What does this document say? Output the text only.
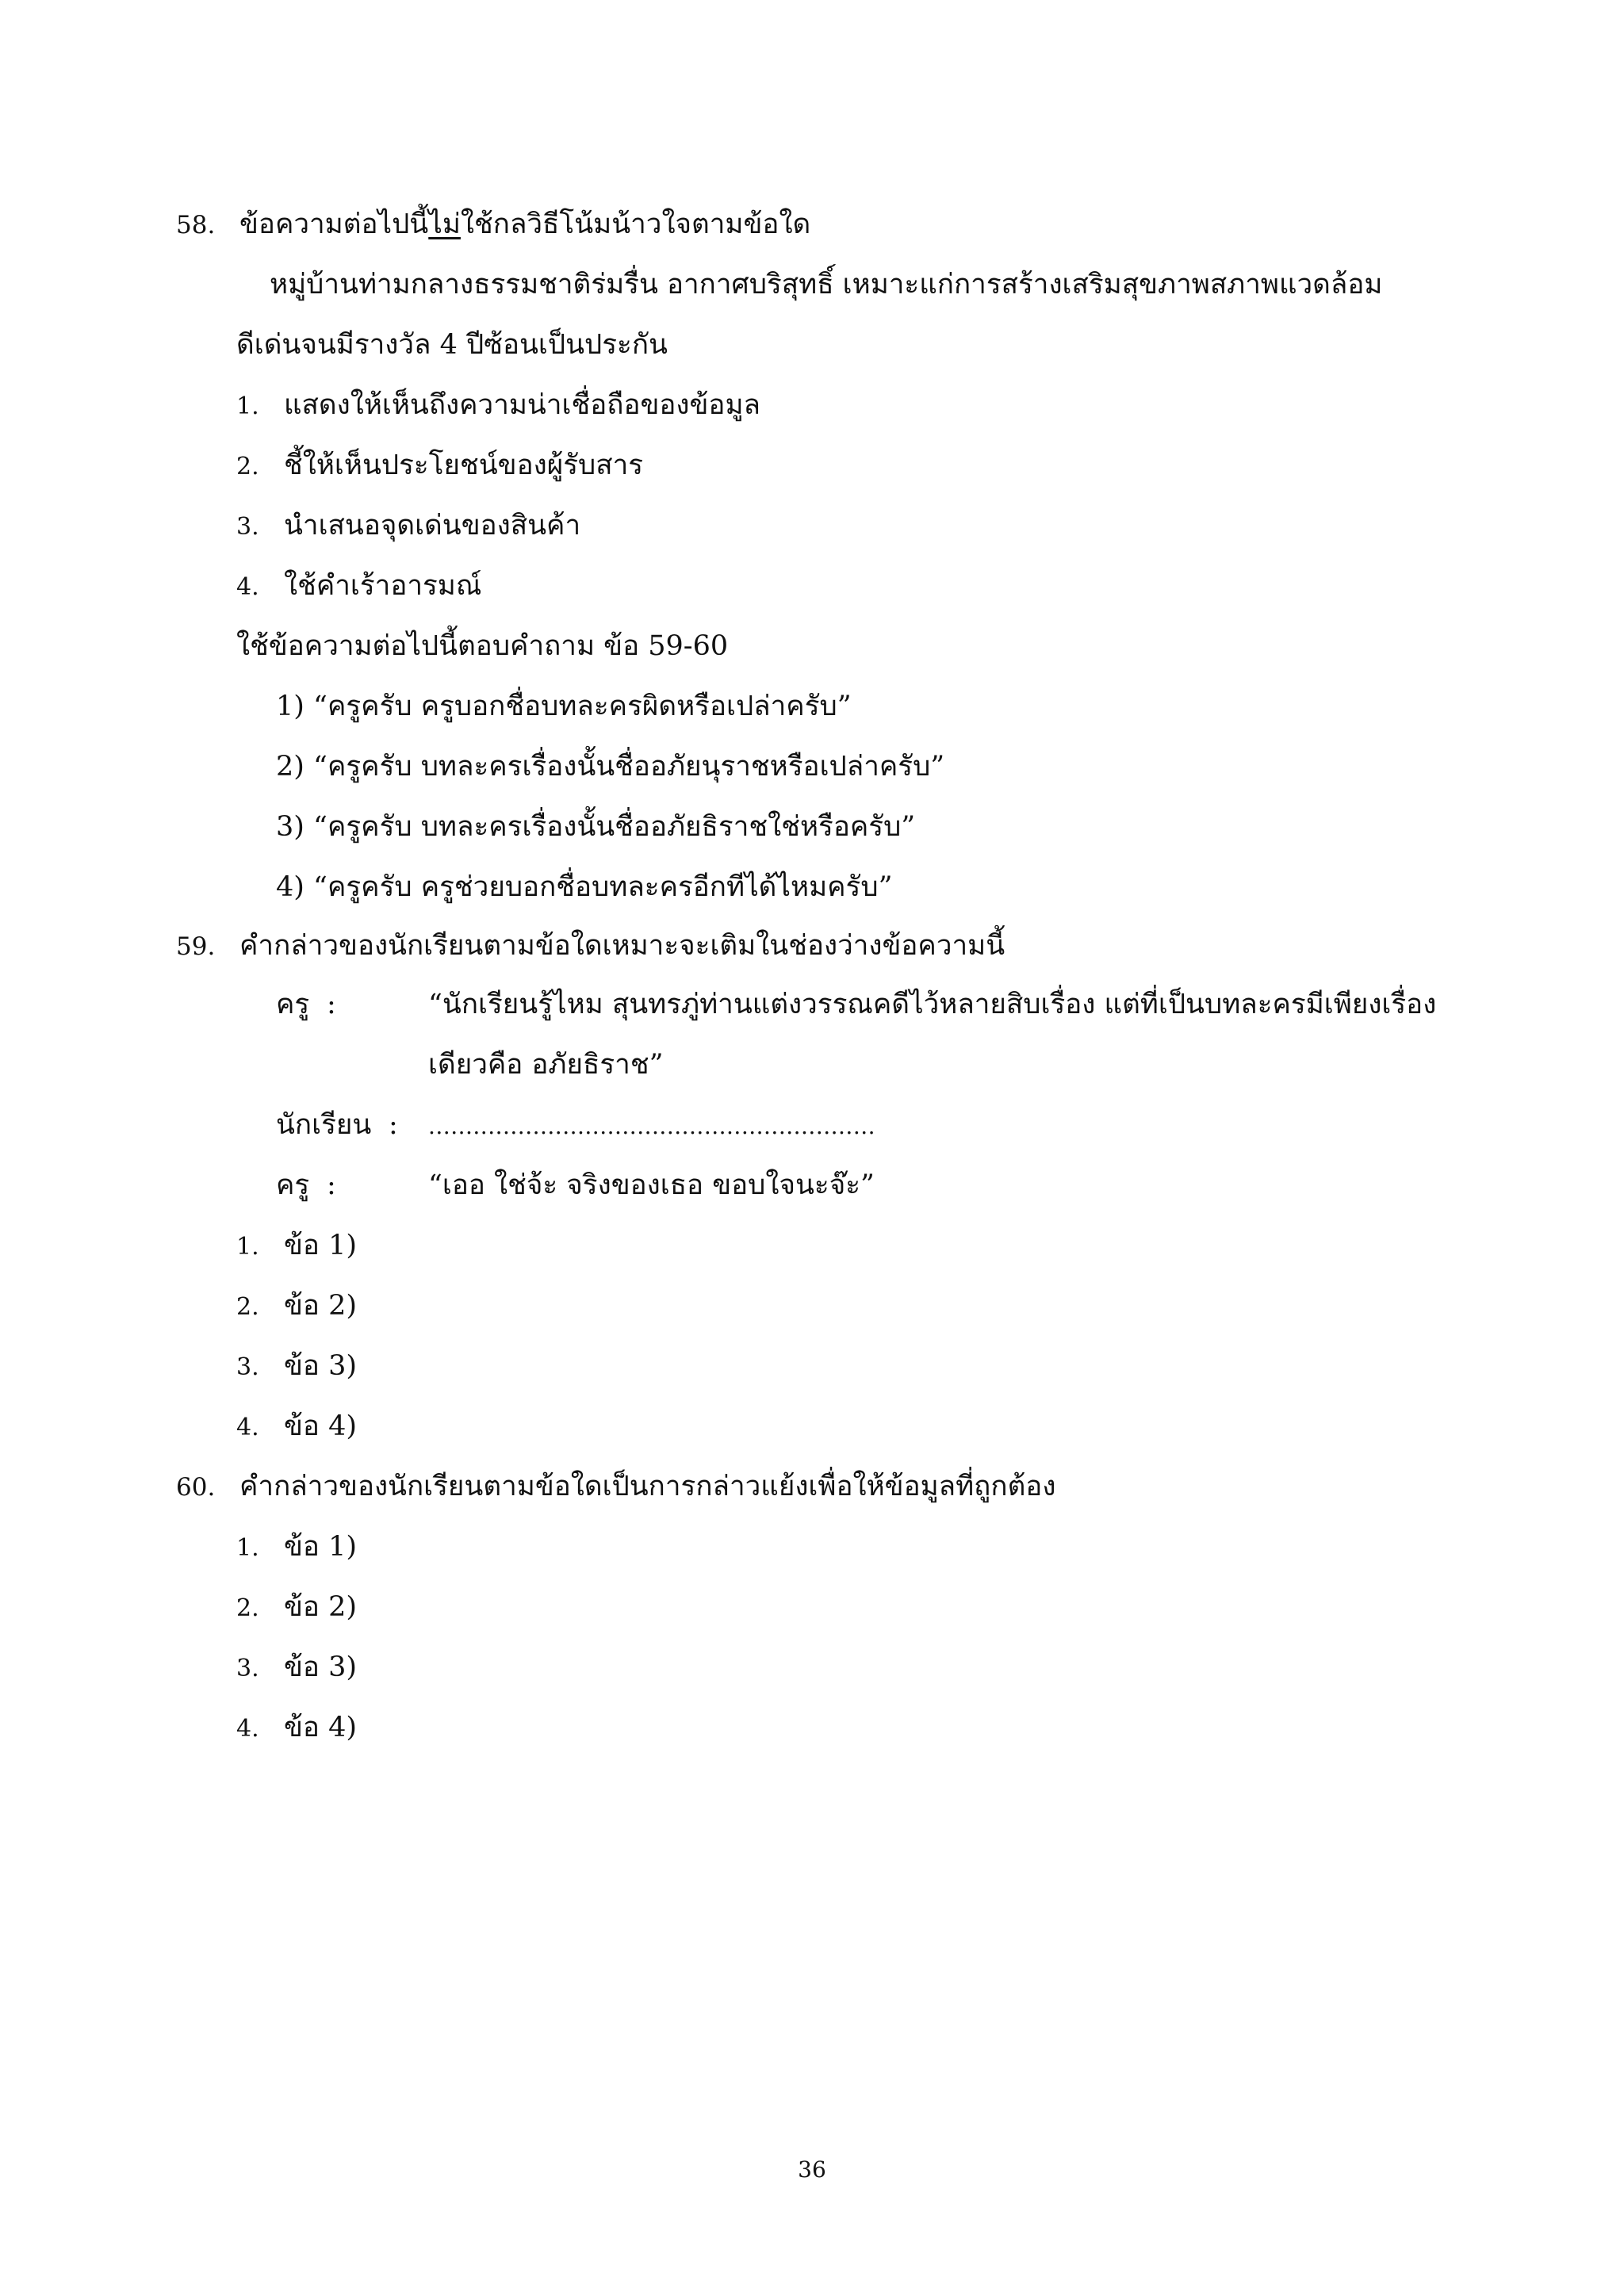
58. ข้อความต่อไปนี้ไม่ใช้กลวิธีโน้มน้าวใจตามข้อใด
หมู่บ้านท่ามกลางธรรมชาติร่มรื่น อากาศบริสุทธิ์ เหมาะแก่การสร้างเสริมสุขภาพสภาพแวดล้อม
ดีเด่นจนมีรางวัล 4 ปีซ้อนเป็นประกัน
1. แสดงให้เห็นถึงความน่าเชื่อถือของข้อมูล
2. ชี้ให้เห็นประโยชน์ของผู้รับสาร
3. นำเสนอจุดเด่นของสินค้า
4. ใช้คำเร้าอารมณ์
ใช้ข้อความต่อไปนี้ตอบคำถาม ข้อ 59-60
1) “ครูครับ ครูบอกชื่อบทละครผิดหรือเปล่าครับ”
2) “ครูครับ บทละครเรื่องนั้นชื่ออภัยนุราชหรือเปล่าครับ”
3) “ครูครับ บทละครเรื่องนั้นชื่ออภัยธิราชใช่หรือครับ”
4) “ครูครับ ครูช่วยบอกชื่อบทละครอีกทีได้ไหมครับ”
59. คำกล่าวของนักเรียนตามข้อใดเหมาะจะเติมในช่องว่างข้อความนี้
ครู :	“นักเรียนรู้ไหม สุนทรภู่ท่านแต่งวรรณคดีไว้หลายสิบเรื่อง แต่ที่เป็นบทละครมีเพียงเรื่อง
เดียวคือ อภัยธิราช”
นักเรียน : ............................................................
ครู :	“เออ ใช่จ้ะ จริงของเธอ ขอบใจนะจ๊ะ”
1. ข้อ 1)
2. ข้อ 2)
3. ข้อ 3)
4. ข้อ 4)
60. คำกล่าวของนักเรียนตามข้อใดเป็นการกล่าวแย้งเพื่อให้ข้อมูลที่ถูกต้อง
1. ข้อ 1)
2. ข้อ 2)
3. ข้อ 3)
4. ข้อ 4)
36
